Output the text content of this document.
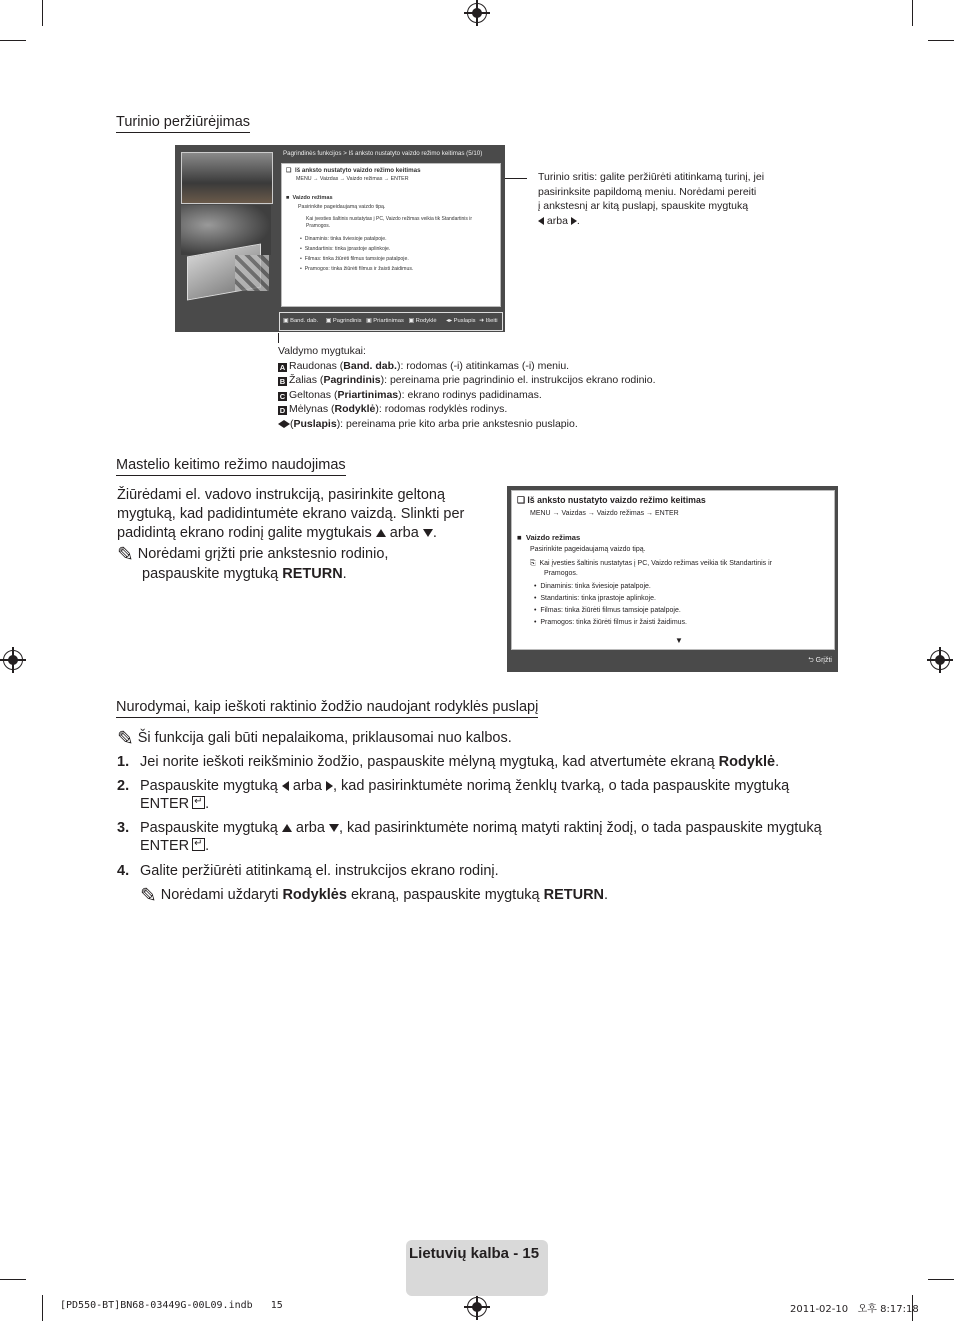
Turinio peržiūrėjimas
Pagrindinės funkcijos > Iš anksto nustatyto vaizdo režimo keitimas (5/10)
❑  Iš anksto nustatyto vaizdo režimo keitimas
MENU → Vaizdas → Vaizdo režimas → ENTER
■  Vaizdo režimas
Pasirinkite pageidaujamą vaizdo tipą.
Kai įvesties šaltinis nustatytas į PC, Vaizdo režimas veikia tik Standartinis ir Pramogos.
•  Dinaminis: tinka šviesioje patalpoje.
•  Standartinis: tinka įprastoje aplinkoje.
•  Filmas: tinka žiūrėti filmus tamsioje patalpoje.
•  Pramogos: tinka žiūrėti filmus ir žaisti žaidimus.
▣ Band. dab. ▣ Pagrindinis ▣ Priartinimas ▣ Rodyklė ◂▸ Puslapis ➜ Išeiti
Turinio sritis: galite peržiūrėti atitinkamą turinį, jei
pasirinksite papildomą meniu. Norėdami pereiti
į ankstesnį ar kitą puslapį, spauskite mygtuką
arba .
Valdymo mygtukai:
A Raudonas (Band. dab.): rodomas (-i) atitinkamas (-i) meniu.
B Žalias (Pagrindinis): pereinama prie pagrindinio el. instrukcijos ekrano rodinio.
C Geltonas (Priartinimas): ekrano rodinys padidinamas.
D Mėlynas (Rodyklė): rodomas rodyklės rodinys.
(Puslapis): pereinama prie kito arba prie ankstesnio puslapio.
Mastelio keitimo režimo naudojimas
Žiūrėdami el. vadovo instrukciją, pasirinkite geltoną
mygtuką, kad padidintumėte ekrano vaizdą. Slinkti per
padidintą ekrano rodinį galite mygtukais arba .
✎ Norėdami grįžti prie ankstesnio rodinio,
paspauskite mygtuką RETURN.
❑ Iš anksto nustatyto vaizdo režimo keitimas
MENU → Vaizdas → Vaizdo režimas → ENTER
■  Vaizdo režimas
Pasirinkite pageidaujamą vaizdo tipą.
⎘  Kai įvesties šaltinis nustatytas į PC, Vaizdo režimas veikia tik Standartinis ir
Pramogos.
•  Dinaminis: tinka šviesioje patalpoje.
•  Standartinis: tinka įprastoje aplinkoje.
•  Filmas: tinka žiūrėti filmus tamsioje patalpoje.
•  Pramogos: tinka žiūrėti filmus ir žaisti žaidimus.
▼
⮌ Grįžti
Nurodymai, kaip ieškoti raktinio žodžio naudojant rodyklės puslapį
✎ Ši funkcija gali būti nepalaikoma, priklausomai nuo kalbos.
1. Jei norite ieškoti reikšminio žodžio, paspauskite mėlyną mygtuką, kad atvertumėte ekraną Rodyklė.
2. Paspauskite mygtuką arba , kad pasirinktumėte norimą ženklų tvarką, o tada paspauskite mygtuką
ENTER ↵ .
3. Paspauskite mygtuką arba , kad pasirinktumėte norimą matyti raktinį žodį, o tada paspauskite mygtuką
ENTER ↵ .
4. Galite peržiūrėti atitinkamą el. instrukcijos ekrano rodinį.
✎ Norėdami uždaryti Rodyklės ekraną, paspauskite mygtuką RETURN.
Lietuvių kalba - 15
[PD550-BT]BN68-03449G-00L09.indb   15	2011-02-10   오후 8:17:18
